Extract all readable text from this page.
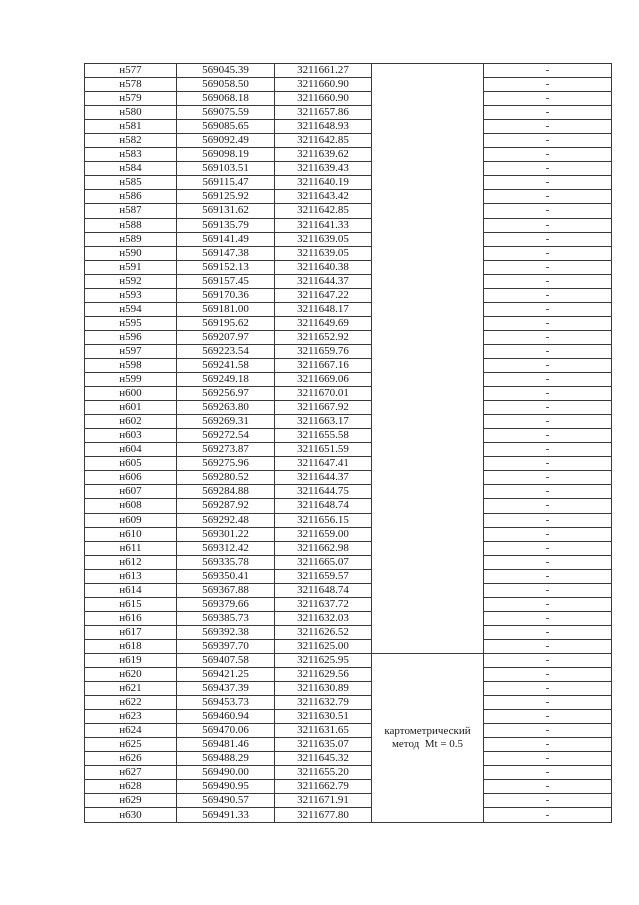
н577	569045.39	3211661.27		-
н578	569058.50	3211660.90		-
н579	569068.18	3211660.90		-
н580	569075.59	3211657.86		-
н581	569085.65	3211648.93		-
н582	569092.49	3211642.85		-
н583	569098.19	3211639.62		-
н584	569103.51	3211639.43		-
н585	569115.47	3211640.19		-
н586	569125.92	3211643.42		-
н587	569131.62	3211642.85		-
н588	569135.79	3211641.33		-
н589	569141.49	3211639.05		-
н590	569147.38	3211639.05		-
н591	569152.13	3211640.38		-
н592	569157.45	3211644.37		-
н593	569170.36	3211647.22		-
н594	569181.00	3211648.17		-
н595	569195.62	3211649.69		-
н596	569207.97	3211652.92		-
н597	569223.54	3211659.76		-
н598	569241.58	3211667.16		-
н599	569249.18	3211669.06		-
н600	569256.97	3211670.01		-
н601	569263.80	3211667.92		-
н602	569269.31	3211663.17		-
н603	569272.54	3211655.58		-
н604	569273.87	3211651.59		-
н605	569275.96	3211647.41		-
н606	569280.52	3211644.37		-
н607	569284.88	3211644.75		-
н608	569287.92	3211648.74		-
н609	569292.48	3211656.15		-
н610	569301.22	3211659.00		-
н611	569312.42	3211662.98		-
н612	569335.78	3211665.07		-
н613	569350.41	3211659.57		-
н614	569367.88	3211648.74		-
н615	569379.66	3211637.72		-
н616	569385.73	3211632.03		-
н617	569392.38	3211626.52		-
н618	569397.70	3211625.00		-
н619	569407.58	3211625.95	картометрический
метод  Mt = 0.5	-
н620	569421.25	3211629.56		-
н621	569437.39	3211630.89		-
н622	569453.73	3211632.79		-
н623	569460.94	3211630.51		-
н624	569470.06	3211631.65		-
н625	569481.46	3211635.07		-
н626	569488.29	3211645.32		-
н627	569490.00	3211655.20		-
н628	569490.95	3211662.79		-
н629	569490.57	3211671.91		-
н630	569491.33	3211677.80		-
